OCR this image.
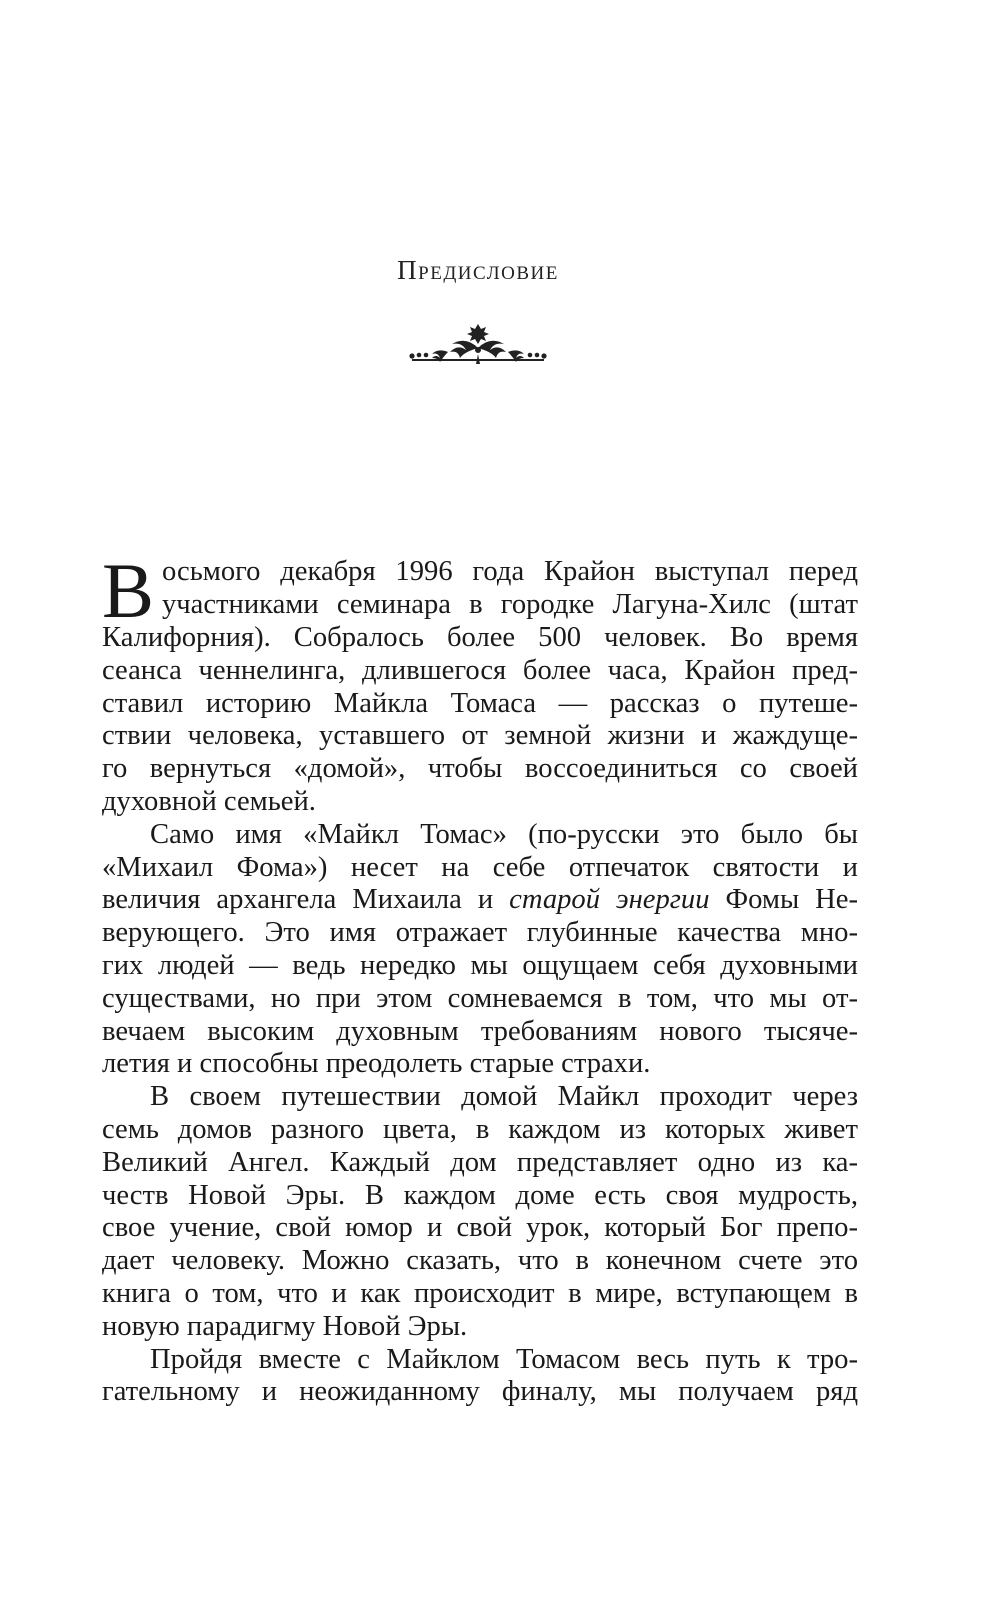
Предисловие

В осьмого декабря 1996 года Крайон выступал перед
участниками семинара в городке Лагуна-Хилс (штат
Калифорния). Собралось более 500 человек. Во время
сеанса ченнелинга, длившегося более часа, Крайон пред-
ставил историю Майкла Томаса — рассказ о путеше-
ствии человека, уставшего от земной жизни и жаждуще-
го вернуться «домой», чтобы воссоединиться со своей
духовной семьей.

Само имя «Майкл Томас» (по-русски это было бы
«Михаил Фома») несет на себе отпечаток святости и
величия архангела Михаила и старой энергии Фомы Не-
верующего. Это имя отражает глубинные качества мно-
гих людей — ведь нередко мы ощущаем себя духовными
существами, но при этом сомневаемся в том, что мы от-
вечаем высоким духовным требованиям нового тысяче-
летия и способны преодолеть старые страхи.

В своем путешествии домой Майкл проходит через
семь домов разного цвета, в каждом из которых живет
Великий Ангел. Каждый дом представляет одно из ка-
честв Новой Эры. В каждом доме есть своя мудрость,
свое учение, свой юмор и свой урок, который Бог препо-
дает человеку. Можно сказать, что в конечном счете это
книга о том, что и как происходит в мире, вступающем в
новую парадигму Новой Эры.

Пройдя вместе с Майклом Томасом весь путь к тро-
гательному и неожиданному финалу, мы получаем ряд
